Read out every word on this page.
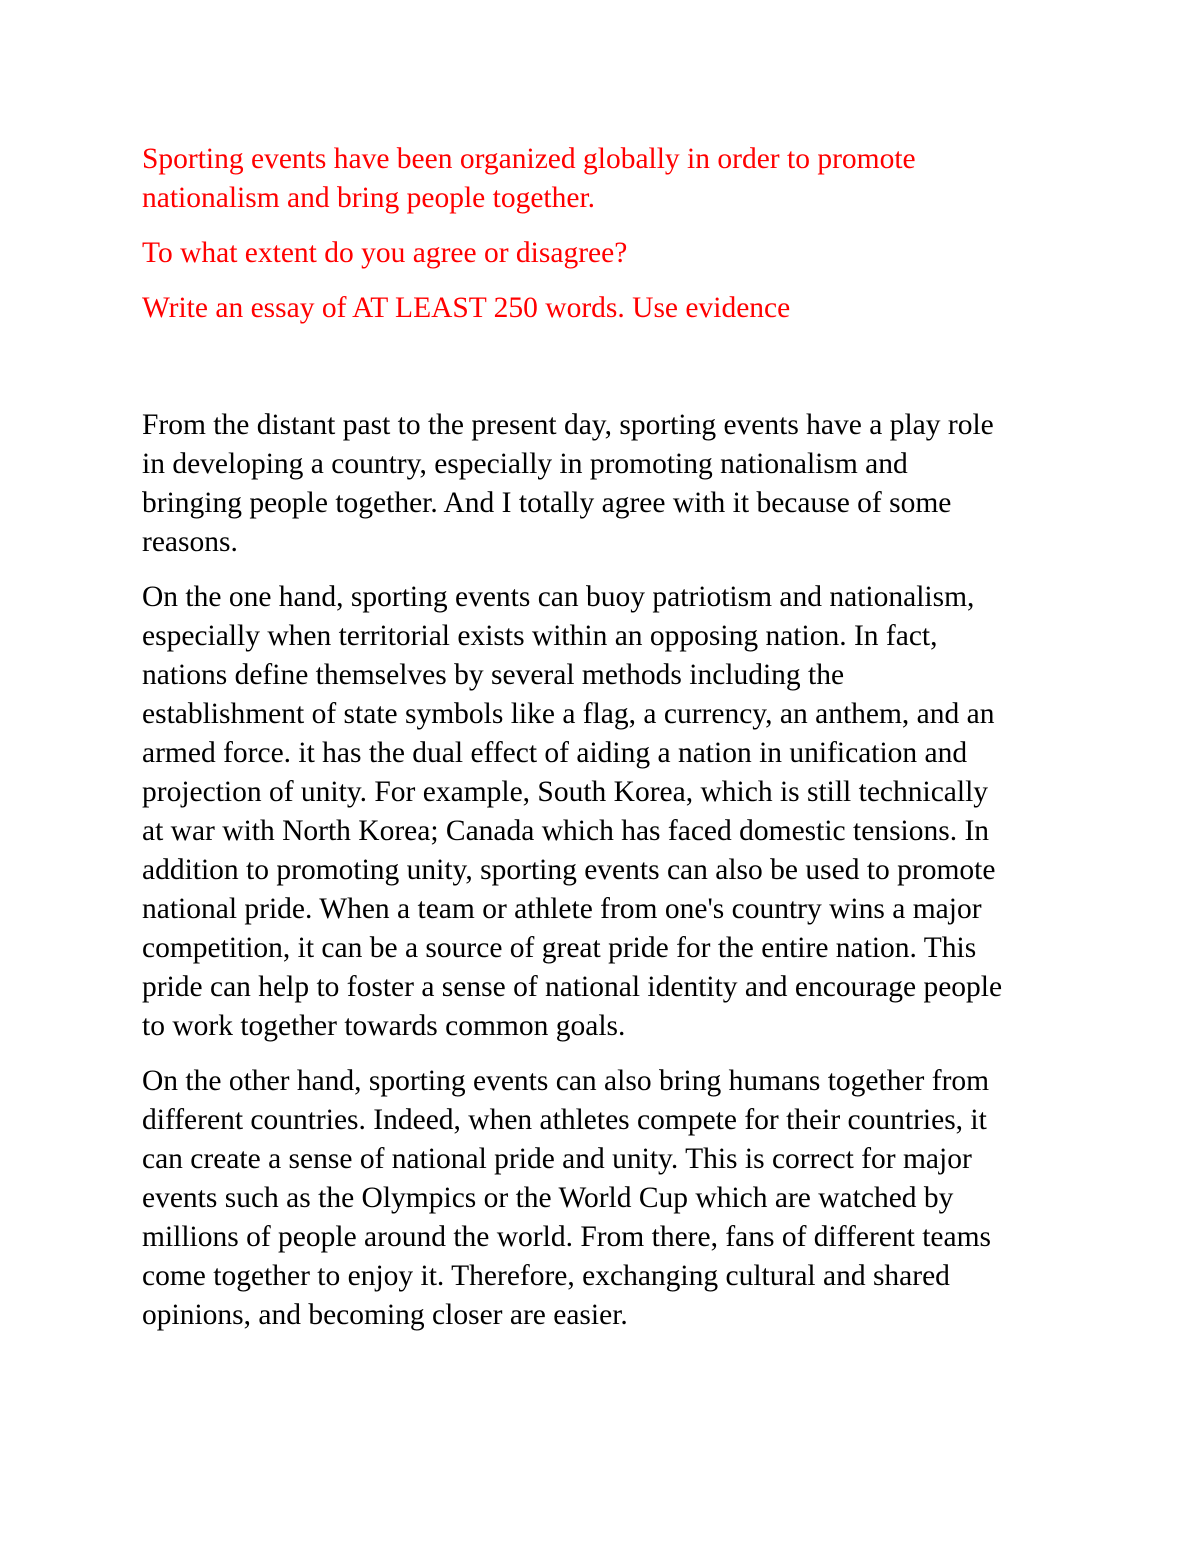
Sporting events have been organized globally in order to promote
nationalism and bring people together.

To what extent do you agree or disagree?

Write an essay of AT LEAST 250 words. Use evidence

From the distant past to the present day, sporting events have a play role
in developing a country, especially in promoting nationalism and
bringing people together. And I totally agree with it because of some
reasons.

On the one hand, sporting events can buoy patriotism and nationalism,
especially when territorial exists within an opposing nation. In fact,
nations define themselves by several methods including the
establishment of state symbols like a flag, a currency, an anthem, and an
armed force. it has the dual effect of aiding a nation in unification and
projection of unity. For example, South Korea, which is still technically
at war with North Korea; Canada which has faced domestic tensions. In
addition to promoting unity, sporting events can also be used to promote
national pride. When a team or athlete from one's country wins a major
competition, it can be a source of great pride for the entire nation. This
pride can help to foster a sense of national identity and encourage people
to work together towards common goals.

On the other hand, sporting events can also bring humans together from
different countries. Indeed, when athletes compete for their countries, it
can create a sense of national pride and unity. This is correct for major
events such as the Olympics or the World Cup which are watched by
millions of people around the world. From there, fans of different teams
come together to enjoy it. Therefore, exchanging cultural and shared
opinions, and becoming closer are easier.
